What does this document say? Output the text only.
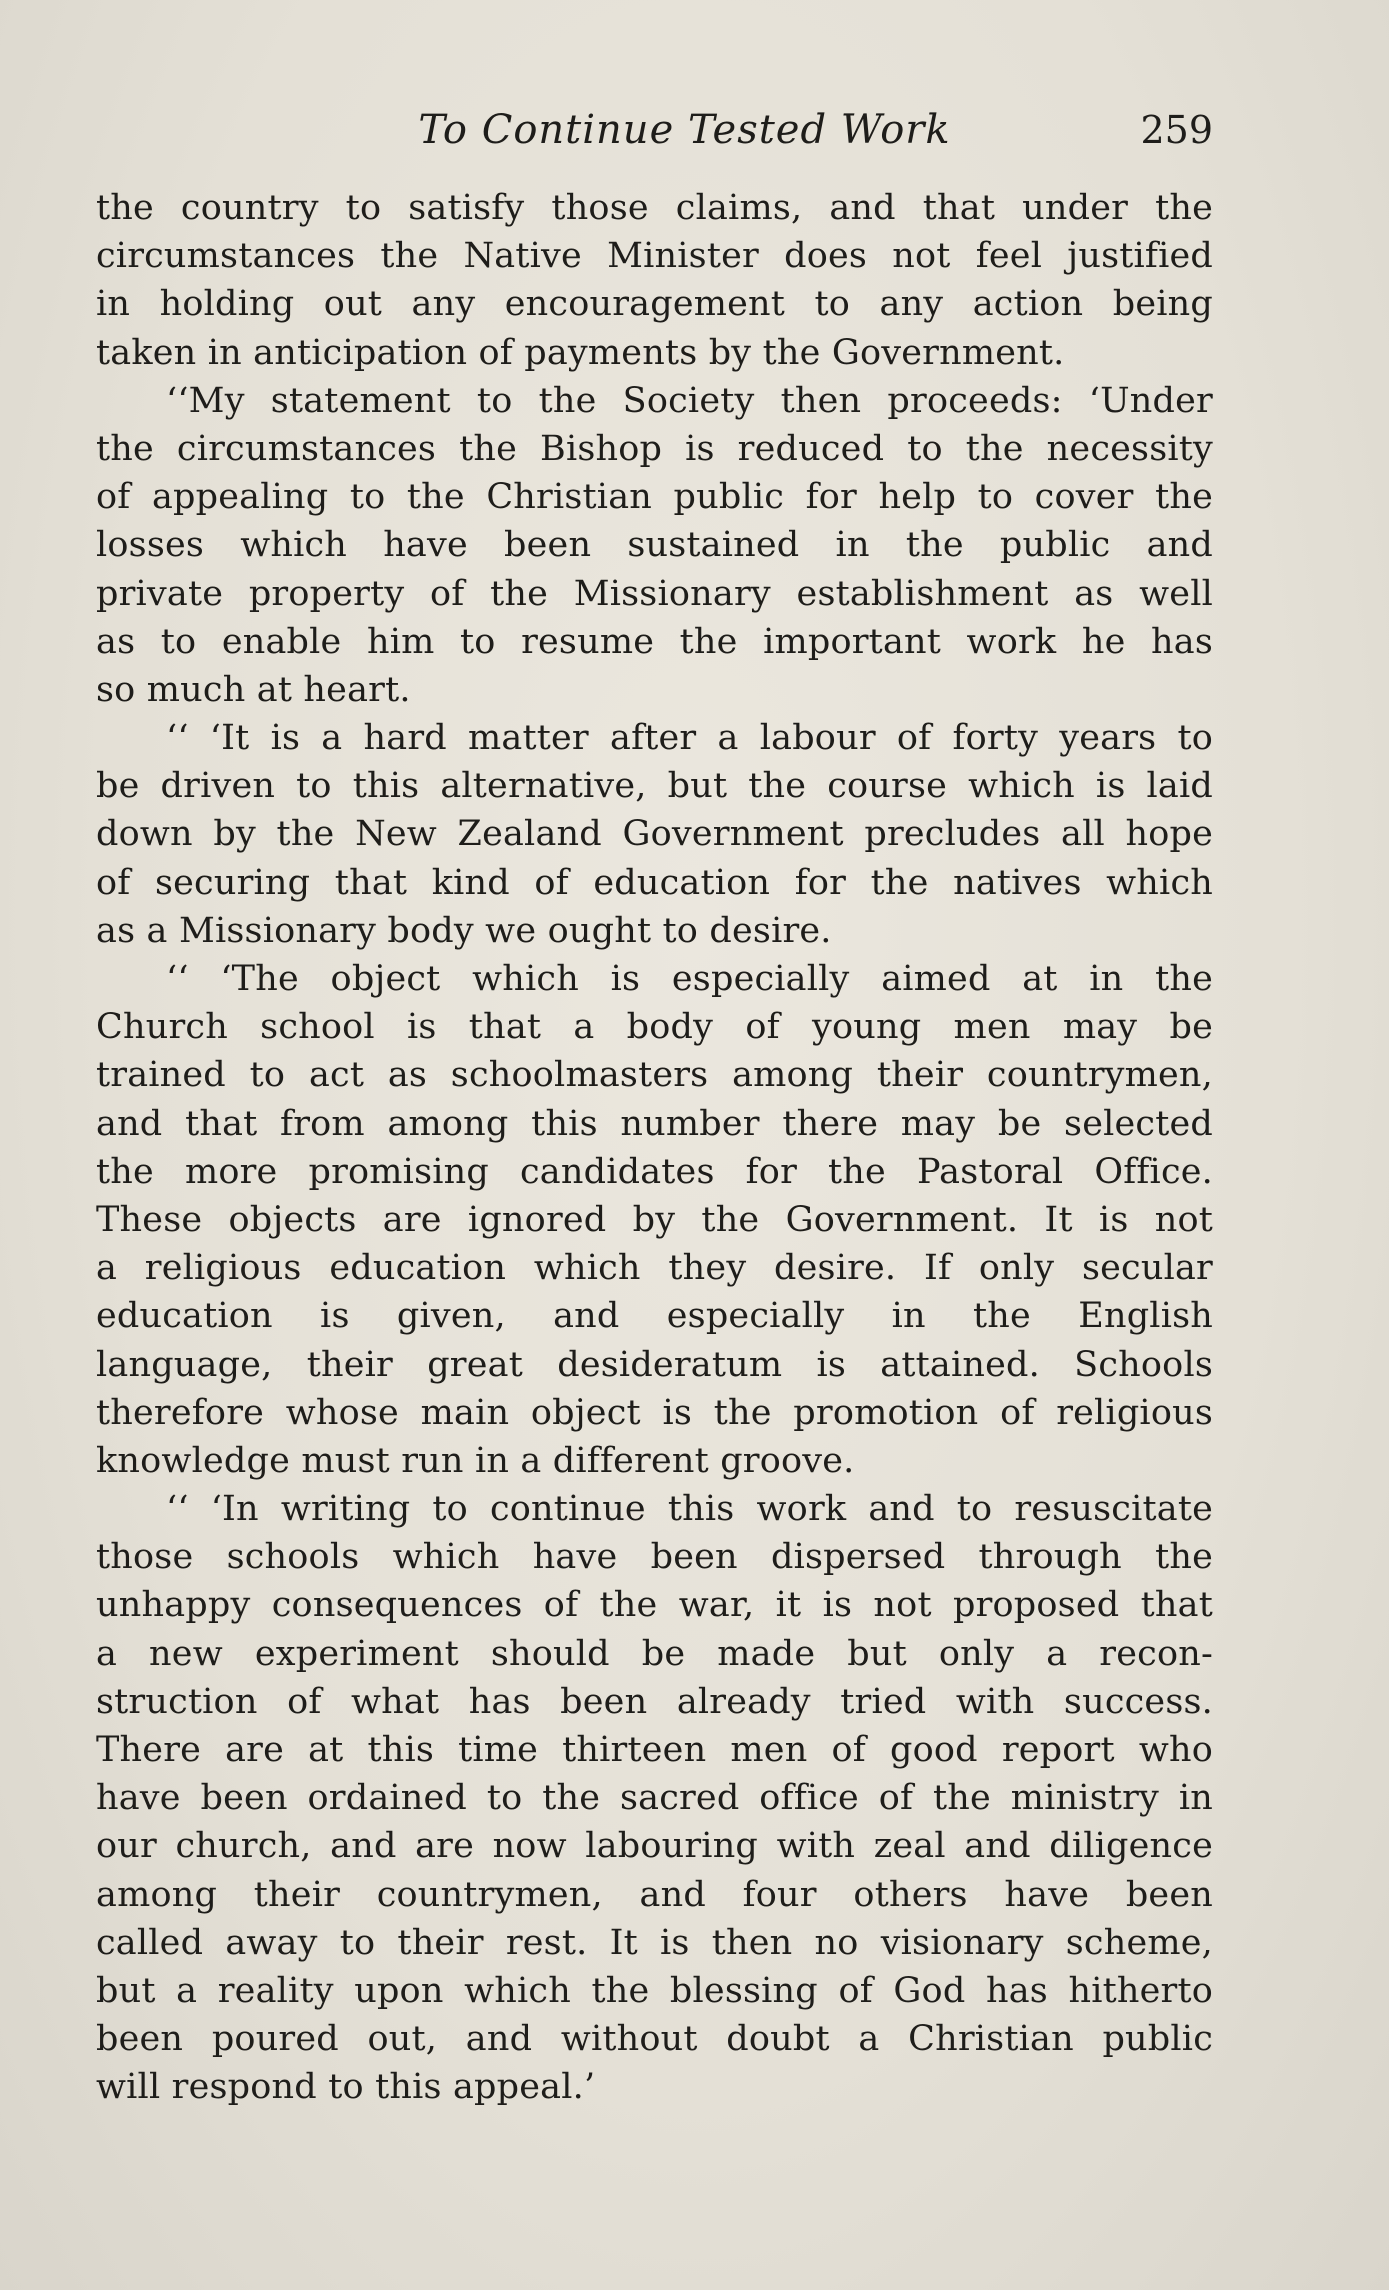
To Continue Tested Work	259
the country to satisfy those claims, and that under the
circumstances the Native Minister does not feel justified
in holding out any encouragement to any action being
taken in anticipation of payments by the Government.
‘‘My statement to the Society then proceeds: ‘Under
the circumstances the Bishop is reduced to the necessity
of appealing to the Christian public for help to cover the
losses which have been sustained in the public and
private property of the Missionary establishment as well
as to enable him to resume the important work he has
so much at heart.
‘‘ ‘It is a hard matter after a labour of forty years to
be driven to this alternative, but the course which is laid
down by the New Zealand Government precludes all hope
of securing that kind of education for the natives which
as a Missionary body we ought to desire.
‘‘ ‘The object which is especially aimed at in the
Church school is that a body of young men may be
trained to act as schoolmasters among their countrymen,
and that from among this number there may be selected
the more promising candidates for the Pastoral Office.
These objects are ignored by the Government. It is not
a religious education which they desire. If only secular
education is given, and especially in the English
language, their great desideratum is attained. Schools
therefore whose main object is the promotion of religious
knowledge must run in a different groove.
‘‘ ‘In writing to continue this work and to resuscitate
those schools which have been dispersed through the
unhappy consequences of the war, it is not proposed that
a new experiment should be made but only a recon-
struction of what has been already tried with success.
There are at this time thirteen men of good report who
have been ordained to the sacred office of the ministry in
our church, and are now labouring with zeal and diligence
among their countrymen, and four others have been
called away to their rest. It is then no visionary scheme,
but a reality upon which the blessing of God has hitherto
been poured out, and without doubt a Christian public
will respond to this appeal.’
